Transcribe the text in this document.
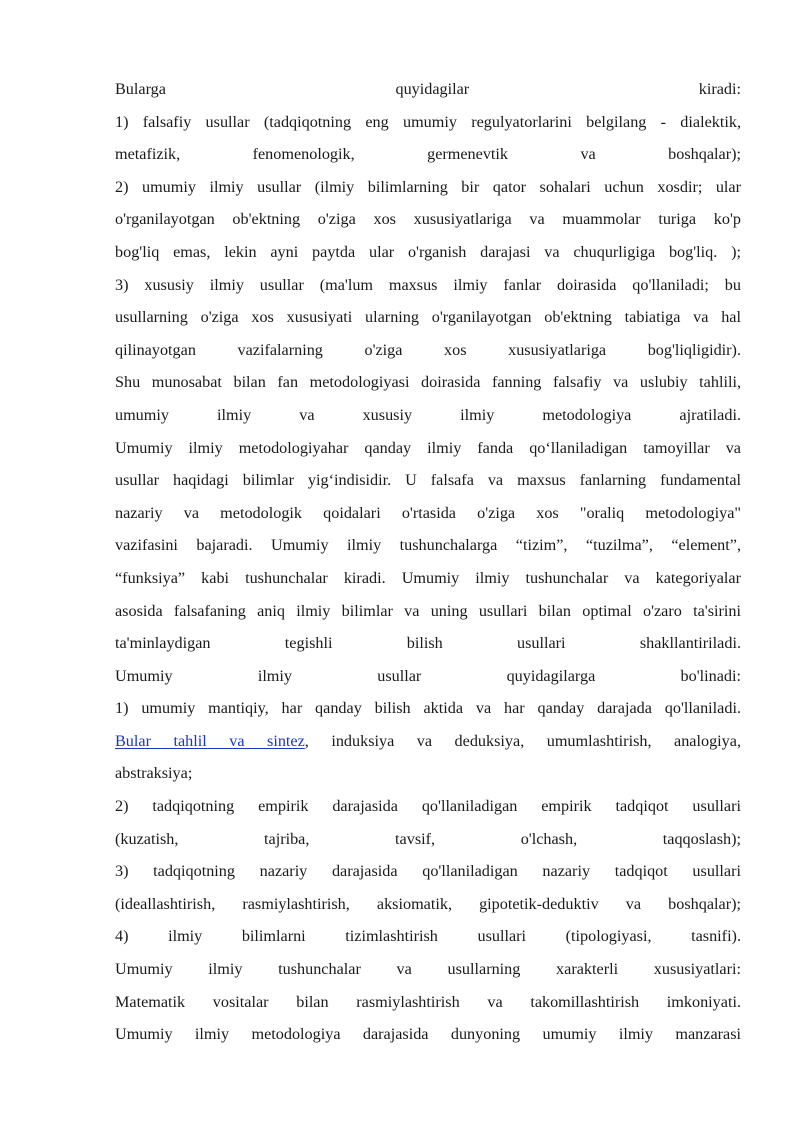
Bularga quyidagilar kiradi:
1) falsafiy usullar (tadqiqotning eng umumiy regulyatorlarini belgilang - dialektik,
metafizik, fenomenologik, germenevtik va boshqalar);
2) umumiy ilmiy usullar (ilmiy bilimlarning bir qator sohalari uchun xosdir; ular
o'rganilayotgan ob'ektning o'ziga xos xususiyatlariga va muammolar turiga ko'p
bog'liq emas, lekin ayni paytda ular o'rganish darajasi va chuqurligiga bog'liq. );
3) xususiy ilmiy usullar (ma'lum maxsus ilmiy fanlar doirasida qo'llaniladi; bu
usullarning o'ziga xos xususiyati ularning o'rganilayotgan ob'ektning tabiatiga va hal
qilinayotgan vazifalarning o'ziga xos xususiyatlariga bog'liqligidir).
Shu munosabat bilan fan metodologiyasi doirasida fanning falsafiy va uslubiy tahlili,
umumiy ilmiy va xususiy ilmiy metodologiya ajratiladi.
Umumiy ilmiy metodologiyahar qanday ilmiy fanda qo‘llaniladigan tamoyillar va
usullar haqidagi bilimlar yig‘indisidir. U falsafa va maxsus fanlarning fundamental
nazariy va metodologik qoidalari o'rtasida o'ziga xos "oraliq metodologiya"
vazifasini bajaradi. Umumiy ilmiy tushunchalarga “tizim”, “tuzilma”, “element”,
“funksiya” kabi tushunchalar kiradi. Umumiy ilmiy tushunchalar va kategoriyalar
asosida falsafaning aniq ilmiy bilimlar va uning usullari bilan optimal o'zaro ta'sirini
ta'minlaydigan tegishli bilish usullari shakllantiriladi.
Umumiy ilmiy usullar quyidagilarga bo'linadi:
1) umumiy mantiqiy, har qanday bilish aktida va har qanday darajada qo'llaniladi.
Bular tahlil va sintez, induksiya va deduksiya, umumlashtirish, analogiya,
abstraksiya;
2) tadqiqotning empirik darajasida qo'llaniladigan empirik tadqiqot usullari
(kuzatish, tajriba, tavsif, o'lchash, taqqoslash);
3) tadqiqotning nazariy darajasida qo'llaniladigan nazariy tadqiqot usullari
(ideallashtirish, rasmiylashtirish, aksiomatik, gipotetik-deduktiv va boshqalar);
4) ilmiy bilimlarni tizimlashtirish usullari (tipologiyasi, tasnifi).
Umumiy ilmiy tushunchalar va usullarning xarakterli xususiyatlari:
Matematik vositalar bilan rasmiylashtirish va takomillashtirish imkoniyati.
Umumiy ilmiy metodologiya darajasida dunyoning umumiy ilmiy manzarasi
